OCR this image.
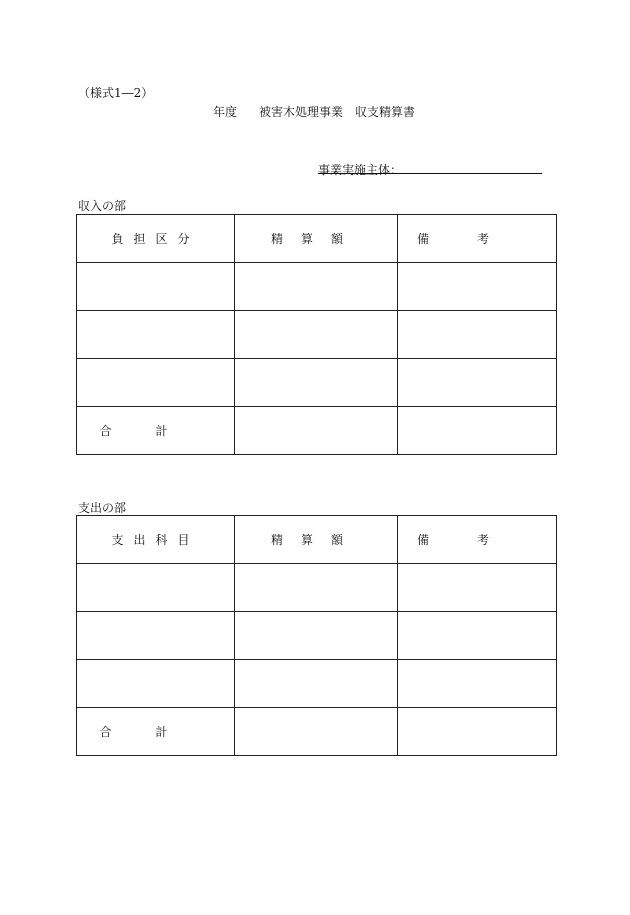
（様式1―2）
年度 被害木処理事業 収支精算書
事業実施主体：
収入の部
負担区分	精算額	備考

合計		
支出の部
支出科目	精算額	備考

合計		
